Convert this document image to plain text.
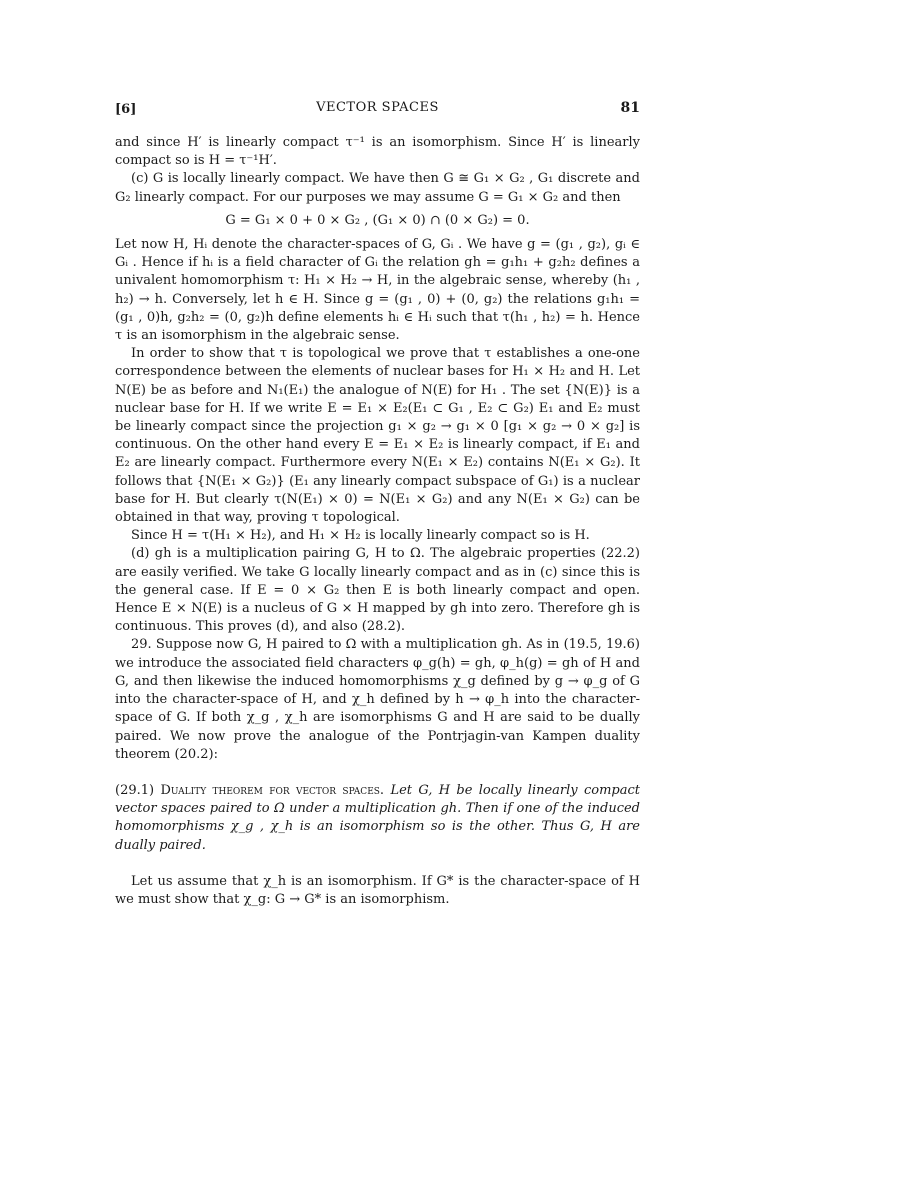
[6]	VECTOR SPACES	81

and since H′ is linearly compact τ⁻¹ is an isomorphism. Since H′ is linearly compact so is H = τ⁻¹H′.

(c) G is locally linearly compact. We have then G ≅ G₁ × G₂ , G₁ discrete and G₂ linearly compact. For our purposes we may assume G = G₁ × G₂ and then

G = G₁ × 0 + 0 × G₂ , (G₁ × 0) ∩ (0 × G₂) = 0.

Let now H, Hᵢ denote the character-spaces of G, Gᵢ . We have g = (g₁ , g₂), gᵢ ∈ Gᵢ . Hence if hᵢ is a field character of Gᵢ the relation gh = g₁h₁ + g₂h₂ defines a univalent homomorphism τ: H₁ × H₂ → H, in the algebraic sense, whereby (h₁ , h₂) → h. Conversely, let h ∈ H. Since g = (g₁ , 0) + (0, g₂) the relations g₁h₁ = (g₁ , 0)h, g₂h₂ = (0, g₂)h define elements hᵢ ∈ Hᵢ such that τ(h₁ , h₂) = h. Hence τ is an isomorphism in the algebraic sense.

In order to show that τ is topological we prove that τ establishes a one-one correspondence between the elements of nuclear bases for H₁ × H₂ and H. Let N(E) be as before and N₁(E₁) the analogue of N(E) for H₁ . The set {N(E)} is a nuclear base for H. If we write E = E₁ × E₂(E₁ ⊂ G₁ , E₂ ⊂ G₂) E₁ and E₂ must be linearly compact since the projection g₁ × g₂ → g₁ × 0 [g₁ × g₂ → 0 × g₂] is continuous. On the other hand every E = E₁ × E₂ is linearly compact, if E₁ and E₂ are linearly compact. Furthermore every N(E₁ × E₂) contains N(E₁ × G₂). It follows that {N(E₁ × G₂)} (E₁ any linearly compact subspace of G₁) is a nuclear base for H. But clearly τ(N(E₁) × 0) = N(E₁ × G₂) and any N(E₁ × G₂) can be obtained in that way, proving τ topological.

Since H = τ(H₁ × H₂), and H₁ × H₂ is locally linearly compact so is H.

(d) gh is a multiplication pairing G, H to Ω. The algebraic properties (22.2) are easily verified. We take G locally linearly compact and as in (c) since this is the general case. If E = 0 × G₂ then E is both linearly compact and open. Hence E × N(E) is a nucleus of G × H mapped by gh into zero. Therefore gh is continuous. This proves (d), and also (28.2).

29. Suppose now G, H paired to Ω with a multiplication gh. As in (19.5, 19.6) we introduce the associated field characters φ_g(h) = gh, φ_h(g) = gh of H and G, and then likewise the induced homomorphisms χ_g defined by g → φ_g of G into the character-space of H, and χ_h defined by h → φ_h into the character-space of G. If both χ_g , χ_h are isomorphisms G and H are said to be dually paired. We now prove the analogue of the Pontrjagin-van Kampen duality theorem (20.2):

(29.1) Duality theorem for vector spaces. Let G, H be locally linearly compact vector spaces paired to Ω under a multiplication gh. Then if one of the induced homomorphisms χ_g , χ_h is an isomorphism so is the other. Thus G, H are dually paired.

Let us assume that χ_h is an isomorphism. If G* is the character-space of H we must show that χ_g: G → G* is an isomorphism.
